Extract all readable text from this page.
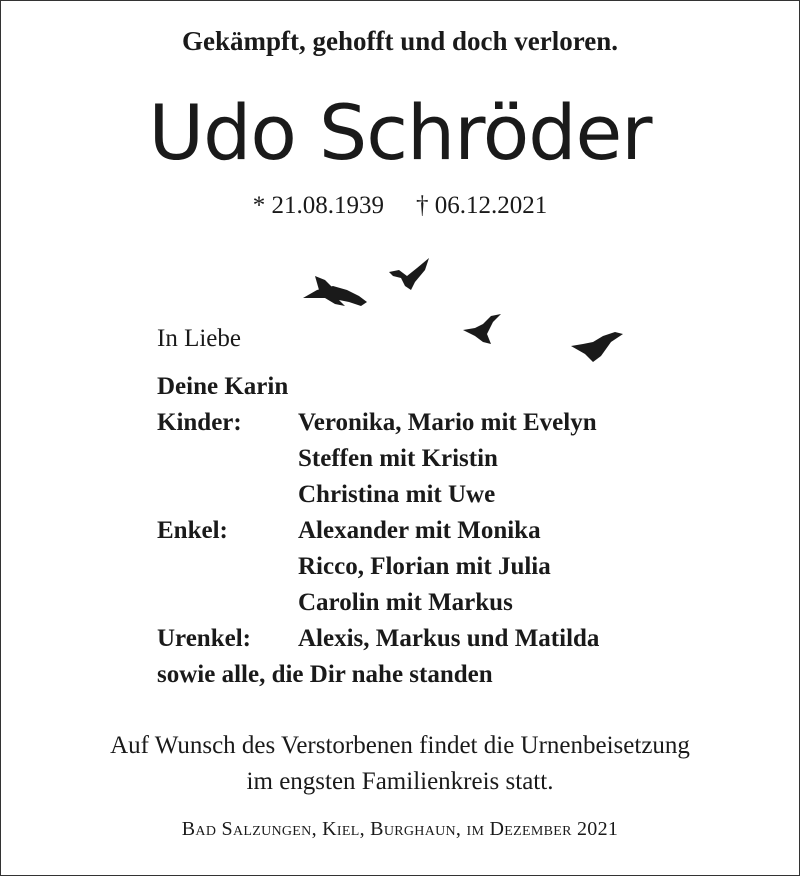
Gekämpft, gehofft und doch verloren.
Udo Schröder
* 21.08.1939 † 06.12.2021
In Liebe
Deine Karin
Kinder:	Veronika, Mario mit Evelyn
Steffen mit Kristin
Christina mit Uwe
Enkel:	Alexander mit Monika
Ricco, Florian mit Julia
Carolin mit Markus
Urenkel:	Alexis, Markus und Matilda
sowie alle, die Dir nahe standen
Auf Wunsch des Verstorbenen findet die Urnenbeisetzung
im engsten Familienkreis statt.
Bad Salzungen, Kiel, Burghaun, im Dezember 2021
